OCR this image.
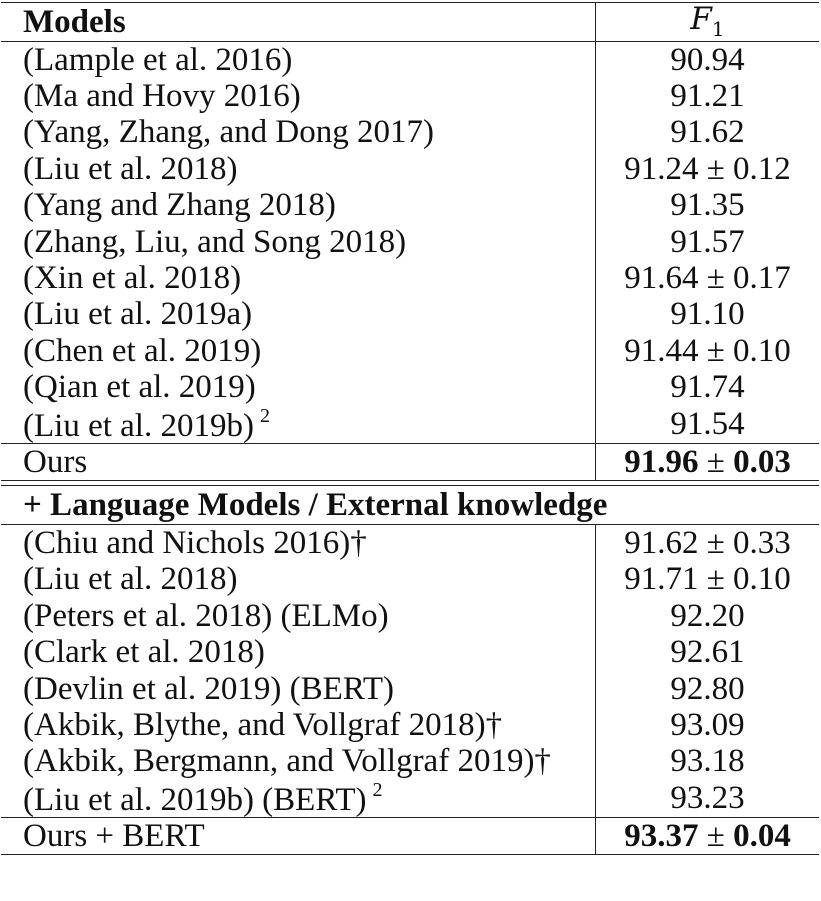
Models	$F_1$
(Lample et al. 2016)	90.94
(Ma and Hovy 2016)	91.21
(Yang, Zhang, and Dong 2017)	91.62
(Liu et al. 2018)	91.24 ± 0.12
(Yang and Zhang 2018)	91.35
(Zhang, Liu, and Song 2018)	91.57
(Xin et al. 2018)	91.64 ± 0.17
(Liu et al. 2019a)	91.10
(Chen et al. 2019)	91.44 ± 0.10
(Qian et al. 2019)	91.74
(Liu et al. 2019b) $^2$	91.54
Ours	91.96 ± 0.03

+ Language Models / External knowledge	
(Chiu and Nichols 2016)†	91.62 ± 0.33
(Liu et al. 2018)	91.71 ± 0.10
(Peters et al. 2018) (ELMo)	92.20
(Clark et al. 2018)	92.61
(Devlin et al. 2019) (BERT)	92.80
(Akbik, Blythe, and Vollgraf 2018)†	93.09
(Akbik, Bergmann, and Vollgraf 2019)†	93.18
(Liu et al. 2019b) (BERT) $^2$	93.23
Ours + BERT	93.37 ± 0.04
